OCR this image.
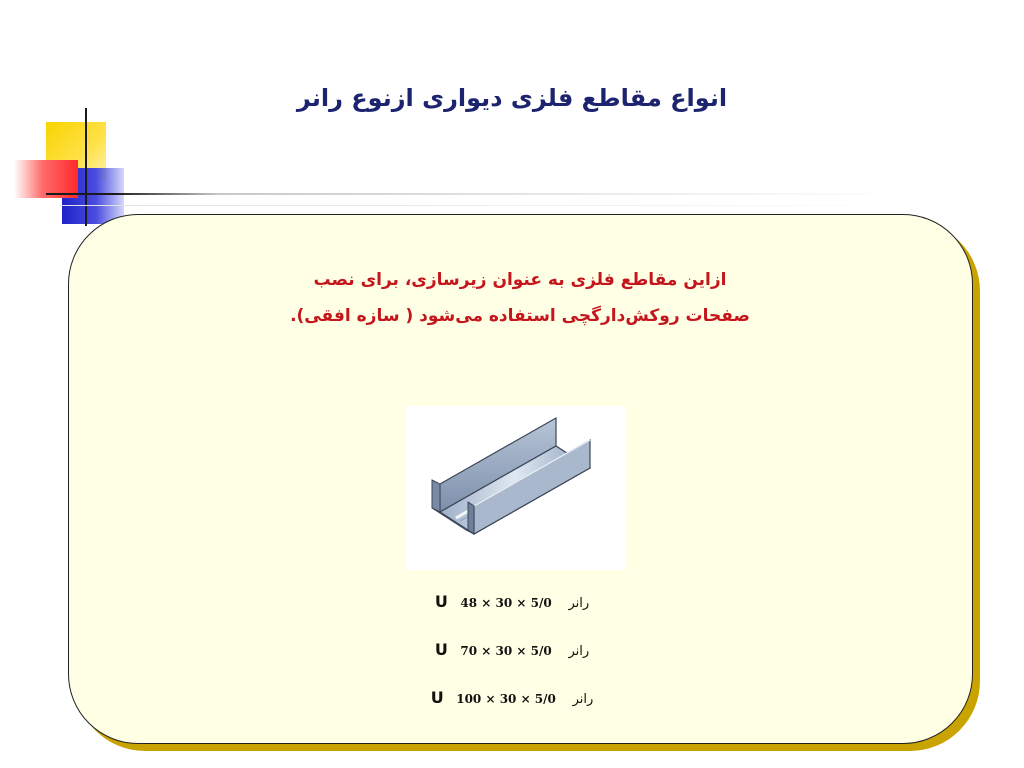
انواع مقاطع فلزی دیواری ازنوع رانر
ازاین مقاطع فلزی به عنوان زیرسازی، برای نصب
صفحات روکش‌دارگچی استفاده می‌شود ( سازه افقی).
U 48 × 30 × 5/0 رانر
U 70 × 30 × 5/0 رانر
U 100 × 30 × 5/0 رانر
